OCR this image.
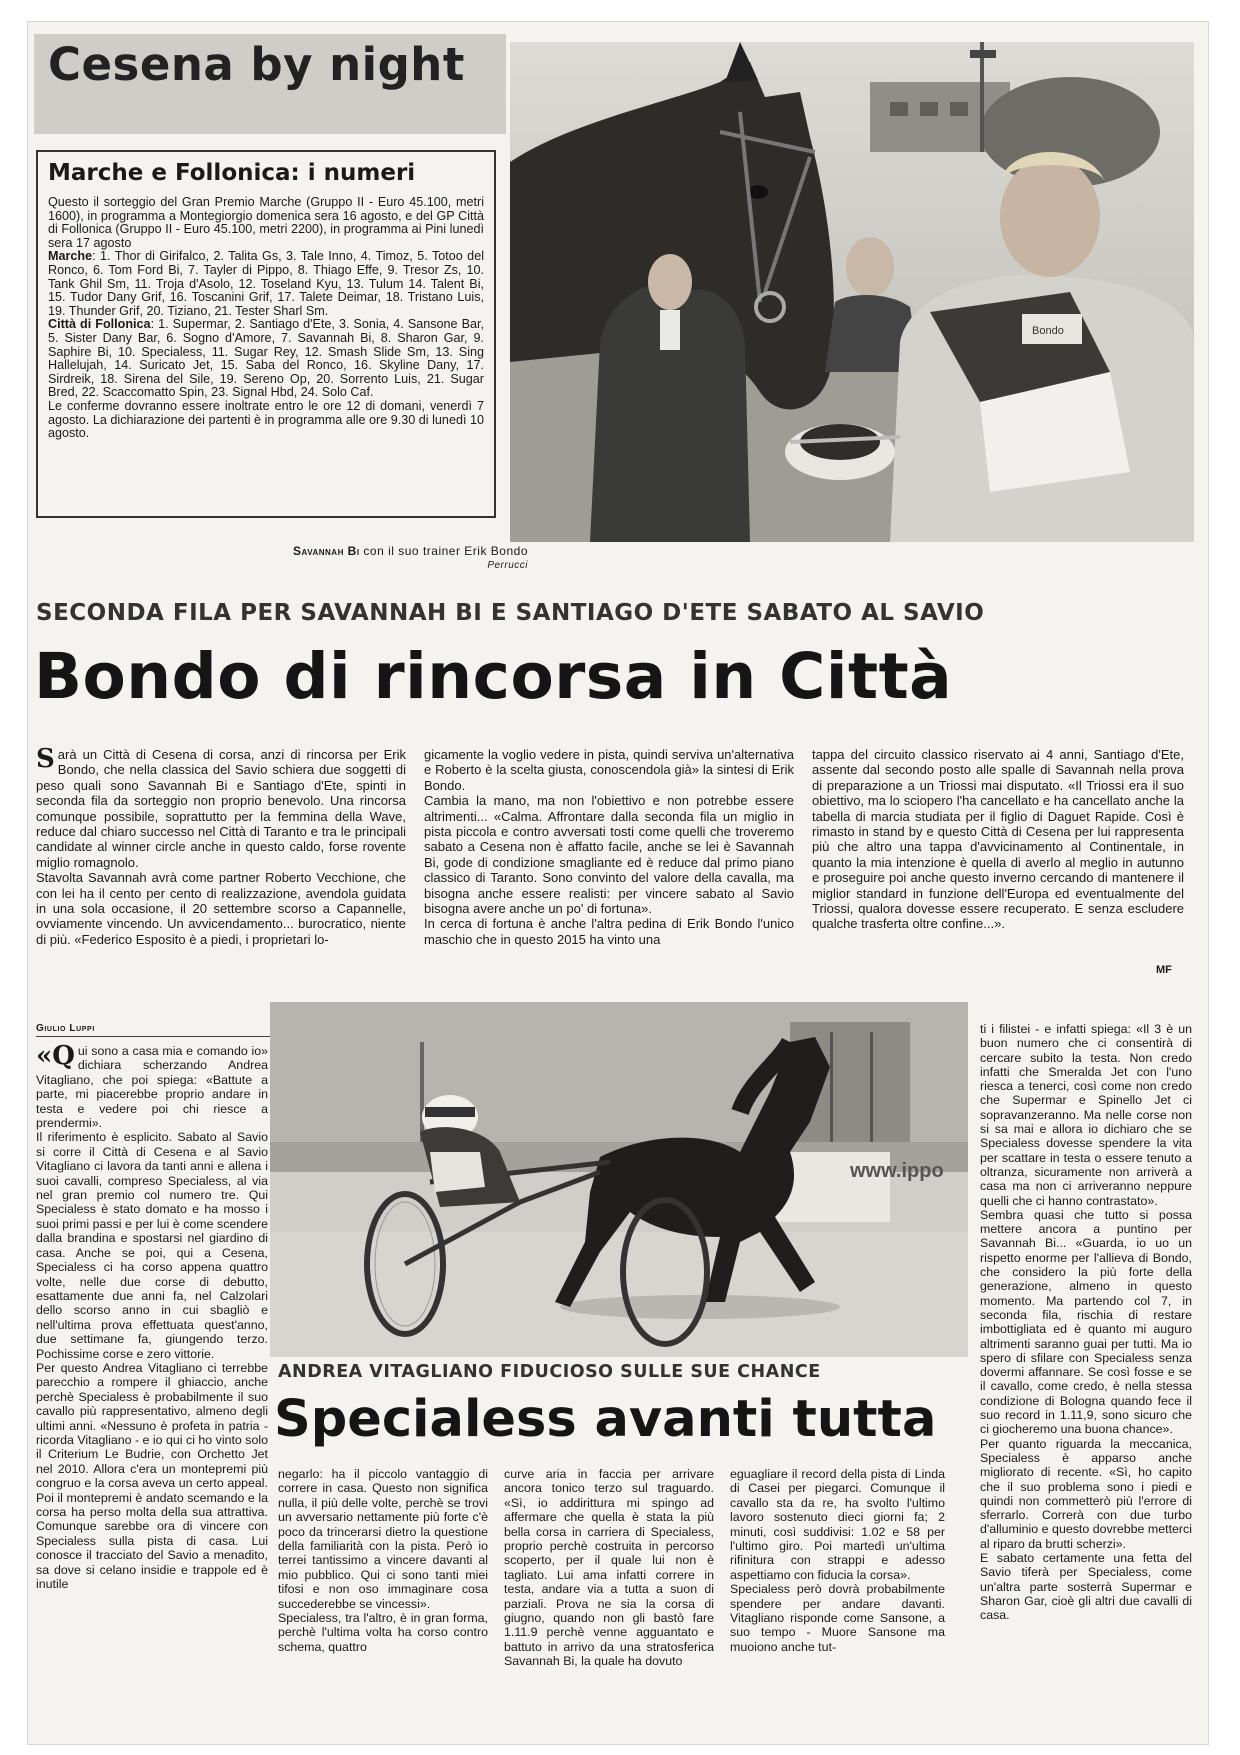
Cesena by night
Bondo
Marche e Follonica: i numeri

Questo il sorteggio del Gran Premio Marche (Gruppo II - Euro 45.100, metri 1600), in programma a Montegiorgio domenica sera 16 agosto, e del GP Città di Follonica (Gruppo II - Euro 45.100, metri 2200), in programma ai Pini lunedì sera 17 agosto

Marche: 1. Thor di Girifalco, 2. Talita Gs, 3. Tale Inno, 4. Timoz, 5. Totoo del Ronco, 6. Tom Ford Bi, 7. Tayler di Pippo, 8. Thiago Effe, 9. Tresor Zs, 10. Tank Ghil Sm, 11. Troja d'Asolo, 12. Toseland Kyu, 13. Tulum 14. Talent Bi, 15. Tudor Dany Grif, 16. Toscanini Grif, 17. Talete Deimar, 18. Tristano Luis, 19. Thunder Grif, 20. Tiziano, 21. Tester Sharl Sm.

Città di Follonica: 1. Supermar, 2. Santiago d'Ete, 3. Sonia, 4. Sansone Bar, 5. Sister Dany Bar, 6. Sogno d'Amore, 7. Savannah Bi, 8. Sharon Gar, 9. Saphire Bi, 10. Specialess, 11. Sugar Rey, 12. Smash Slide Sm, 13. Sing Hallelujah, 14. Suricato Jet, 15. Saba del Ronco, 16. Skyline Dany, 17. Sirdreik, 18. Sirena del Sile, 19. Sereno Op, 20. Sorrento Luis, 21. Sugar Bred, 22. Scaccomatto Spin, 23. Signal Hbd, 24. Solo Caf.

Le conferme dovranno essere inoltrate entro le ore 12 di domani, venerdì 7 agosto. La dichiarazione dei partenti è in programma alle ore 9.30 di lunedì 10 agosto.

Savannah Bi con il suo trainer Erik Bondo
Perrucci
SECONDA FILA PER SAVANNAH BI E SANTIAGO D'ETE SABATO AL SAVIO
Bondo di rincorsa in Città

Sarà un Città di Cesena di corsa, anzi di rincorsa per Erik Bondo, che nella classica del Savio schiera due soggetti di peso quali sono Savannah Bi e Santiago d'Ete, spinti in seconda fila da sorteggio non proprio benevolo. Una rincorsa comunque possibile, soprattutto per la femmina della Wave, reduce dal chiaro successo nel Città di Taranto e tra le principali candidate al winner circle anche in questo caldo, forse rovente miglio romagnolo.

Stavolta Savannah avrà come partner Roberto Vecchione, che con lei ha il cento per cento di realizzazione, avendola guidata in una sola occasione, il 20 settembre scorso a Capannelle, ovviamente vincendo. Un avvicendamento... burocratico, niente di più. «Federico Esposito è a piedi, i proprietari lo-

gicamente la voglio vedere in pista, quindi serviva un'alternativa e Roberto è la scelta giusta, conoscendola già» la sintesi di Erik Bondo.

Cambia la mano, ma non l'obiettivo e non potrebbe essere altrimenti... «Calma. Affrontare dalla seconda fila un miglio in pista piccola e contro avversati tosti come quelli che troveremo sabato a Cesena non è affatto facile, anche se lei è Savannah Bi, gode di condizione smagliante ed è reduce dal primo piano classico di Taranto. Sono convinto del valore della cavalla, ma bisogna anche essere realisti: per vincere sabato al Savio bisogna avere anche un po' di fortuna».

In cerca di fortuna è anche l'altra pedina di Erik Bondo l'unico maschio che in questo 2015 ha vinto una

tappa del circuito classico riservato ai 4 anni, Santiago d'Ete, assente dal secondo posto alle spalle di Savannah nella prova di preparazione a un Triossi mai disputato. «Il Triossi era il suo obiettivo, ma lo sciopero l'ha cancellato e ha cancellato anche la tabella di marcia studiata per il figlio di Daguet Rapide. Così è rimasto in stand by e questo Città di Cesena per lui rappresenta più che altro una tappa d'avvicinamento al Continentale, in quanto la mia intenzione è quella di averlo al meglio in autunno e proseguire poi anche questo inverno cercando di mantenere il miglior standard in funzione dell'Europa ed eventualmente del Triossi, qualora dovesse essere recuperato. E senza escludere qualche trasferta oltre confine...».

MF
Giulio Luppi

«Qui sono a casa mia e comando io» dichiara scherzando Andrea Vitagliano, che poi spiega: «Battute a parte, mi piacerebbe proprio andare in testa e vedere poi chi riesce a prendermi».

Il riferimento è esplicito. Sabato al Savio si corre il Città di Cesena e al Savio Vitagliano ci lavora da tanti anni e allena i suoi cavalli, compreso Specialess, al via nel gran premio col numero tre. Qui Specialess è stato domato e ha mosso i suoi primi passi e per lui è come scendere dalla brandina e spostarsi nel giardino di casa. Anche se poi, qui a Cesena, Specialess ci ha corso appena quattro volte, nelle due corse di debutto, esattamente due anni fa, nel Calzolari dello scorso anno in cui sbagliò e nell'ultima prova effettuata quest'anno, due settimane fa, giungendo terzo. Pochissime corse e zero vittorie.

Per questo Andrea Vitagliano ci terrebbe parecchio a rompere il ghiaccio, anche perchè Specialess è probabilmente il suo cavallo più rappresentativo, almeno degli ultimi anni. «Nessuno è profeta in patria - ricorda Vitagliano - e io qui ci ho vinto solo il Criterium Le Budrie, con Orchetto Jet nel 2010. Allora c'era un montepremi più congruo e la corsa aveva un certo appeal. Poi il montepremi è andato scemando e la corsa ha perso molta della sua attrattiva. Comunque sarebbe ora di vincere con Specialess sulla pista di casa. Lui conosce il tracciato del Savio a menadito, sa dove si celano insidie e trappole ed è inutile

www.ippo
ANDREA VITAGLIANO FIDUCIOSO SULLE SUE CHANCE
Specialess avanti tutta

negarlo: ha il piccolo vantaggio di correre in casa. Questo non significa nulla, il più delle volte, perchè se trovi un avversario nettamente più forte c'è poco da trincerarsi dietro la questione della familiarità con la pista. Però io terrei tantissimo a vincere davanti al mio pubblico. Qui ci sono tanti miei tifosi e non oso immaginare cosa succederebbe se vincessi».

Specialess, tra l'altro, è in gran forma, perchè l'ultima volta ha corso contro schema, quattro

curve aria in faccia per arrivare ancora tonico terzo sul traguardo. «Sì, io addirittura mi spingo ad affermare che quella è stata la più bella corsa in carriera di Specialess, proprio perchè costruita in percorso scoperto, per il quale lui non è tagliato. Lui ama infatti correre in testa, andare via a tutta a suon di parziali. Prova ne sia la corsa di giugno, quando non gli bastò fare 1.11.9 perchè venne agguantato e battuto in arrivo da una stratosferica Savannah Bi, la quale ha dovuto

eguagliare il record della pista di Linda di Casei per piegarci. Comunque il cavallo sta da re, ha svolto l'ultimo lavoro sostenuto dieci giorni fa; 2 minuti, così suddivisi: 1.02 e 58 per l'ultimo giro. Poi martedì un'ultima rifinitura con strappi e adesso aspettiamo con fiducia la corsa».

Specialess però dovrà probabilmente spendere per andare davanti. Vitagliano risponde come Sansone, a suo tempo - Muore Sansone ma muoiono anche tut-

ti i filistei - e infatti spiega: «Il 3 è un buon numero che ci consentirà di cercare subito la testa. Non credo infatti che Smeralda Jet con l'uno riesca a tenerci, così come non credo che Supermar e Spinello Jet ci sopravanzeranno. Ma nelle corse non si sa mai e allora io dichiaro che se Specialess dovesse spendere la vita per scattare in testa o essere tenuto a oltranza, sicuramente non arriverà a casa ma non ci arriveranno neppure quelli che ci hanno contrastato».

Sembra quasi che tutto si possa mettere ancora a puntino per Savannah Bi... «Guarda, io uo un rispetto enorme per l'allieva di Bondo, che considero la più forte della generazione, almeno in questo momento. Ma partendo col 7, in seconda fila, rischia di restare imbottigliata ed è quanto mi auguro altrimenti saranno guai per tutti. Ma io spero di sfilare con Specialess senza dovermi affannare. Se così fosse e se il cavallo, come credo, è nella stessa condizione di Bologna quando fece il suo record in 1.11,9, sono sicuro che ci giocheremo una buona chance».

Per quanto riguarda la meccanica, Specialess è apparso anche migliorato di recente. «Sì, ho capito che il suo problema sono i piedi e quindi non commetterò più l'errore di sferrarlo. Correrà con due turbo d'alluminio e questo dovrebbe metterci al riparo da brutti scherzi».

E sabato certamente una fetta del Savio tiferà per Specialess, come un'altra parte sosterrà Supermar e Sharon Gar, cioè gli altri due cavalli di casa.
